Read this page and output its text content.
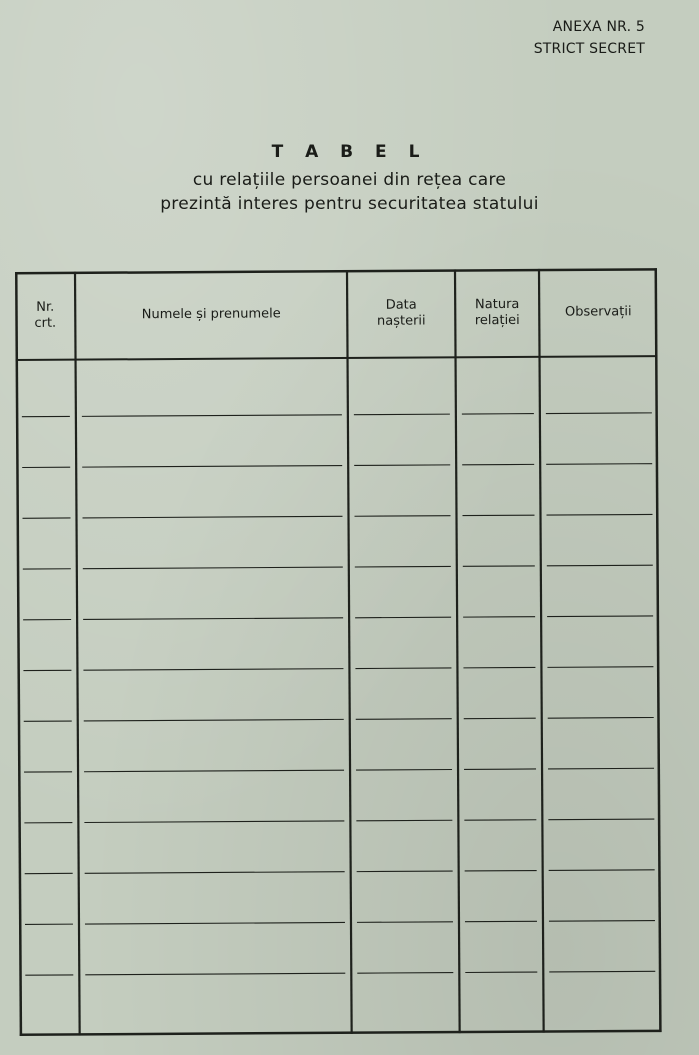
ANEXA NR. 5
STRICT SECRET
T A B E L
cu relațiile persoanei din rețea care prezintă interes pentru securitatea statului
Nr.
crt.
Numele și prenumele
Data
nașterii
Natura
relației
Observații
